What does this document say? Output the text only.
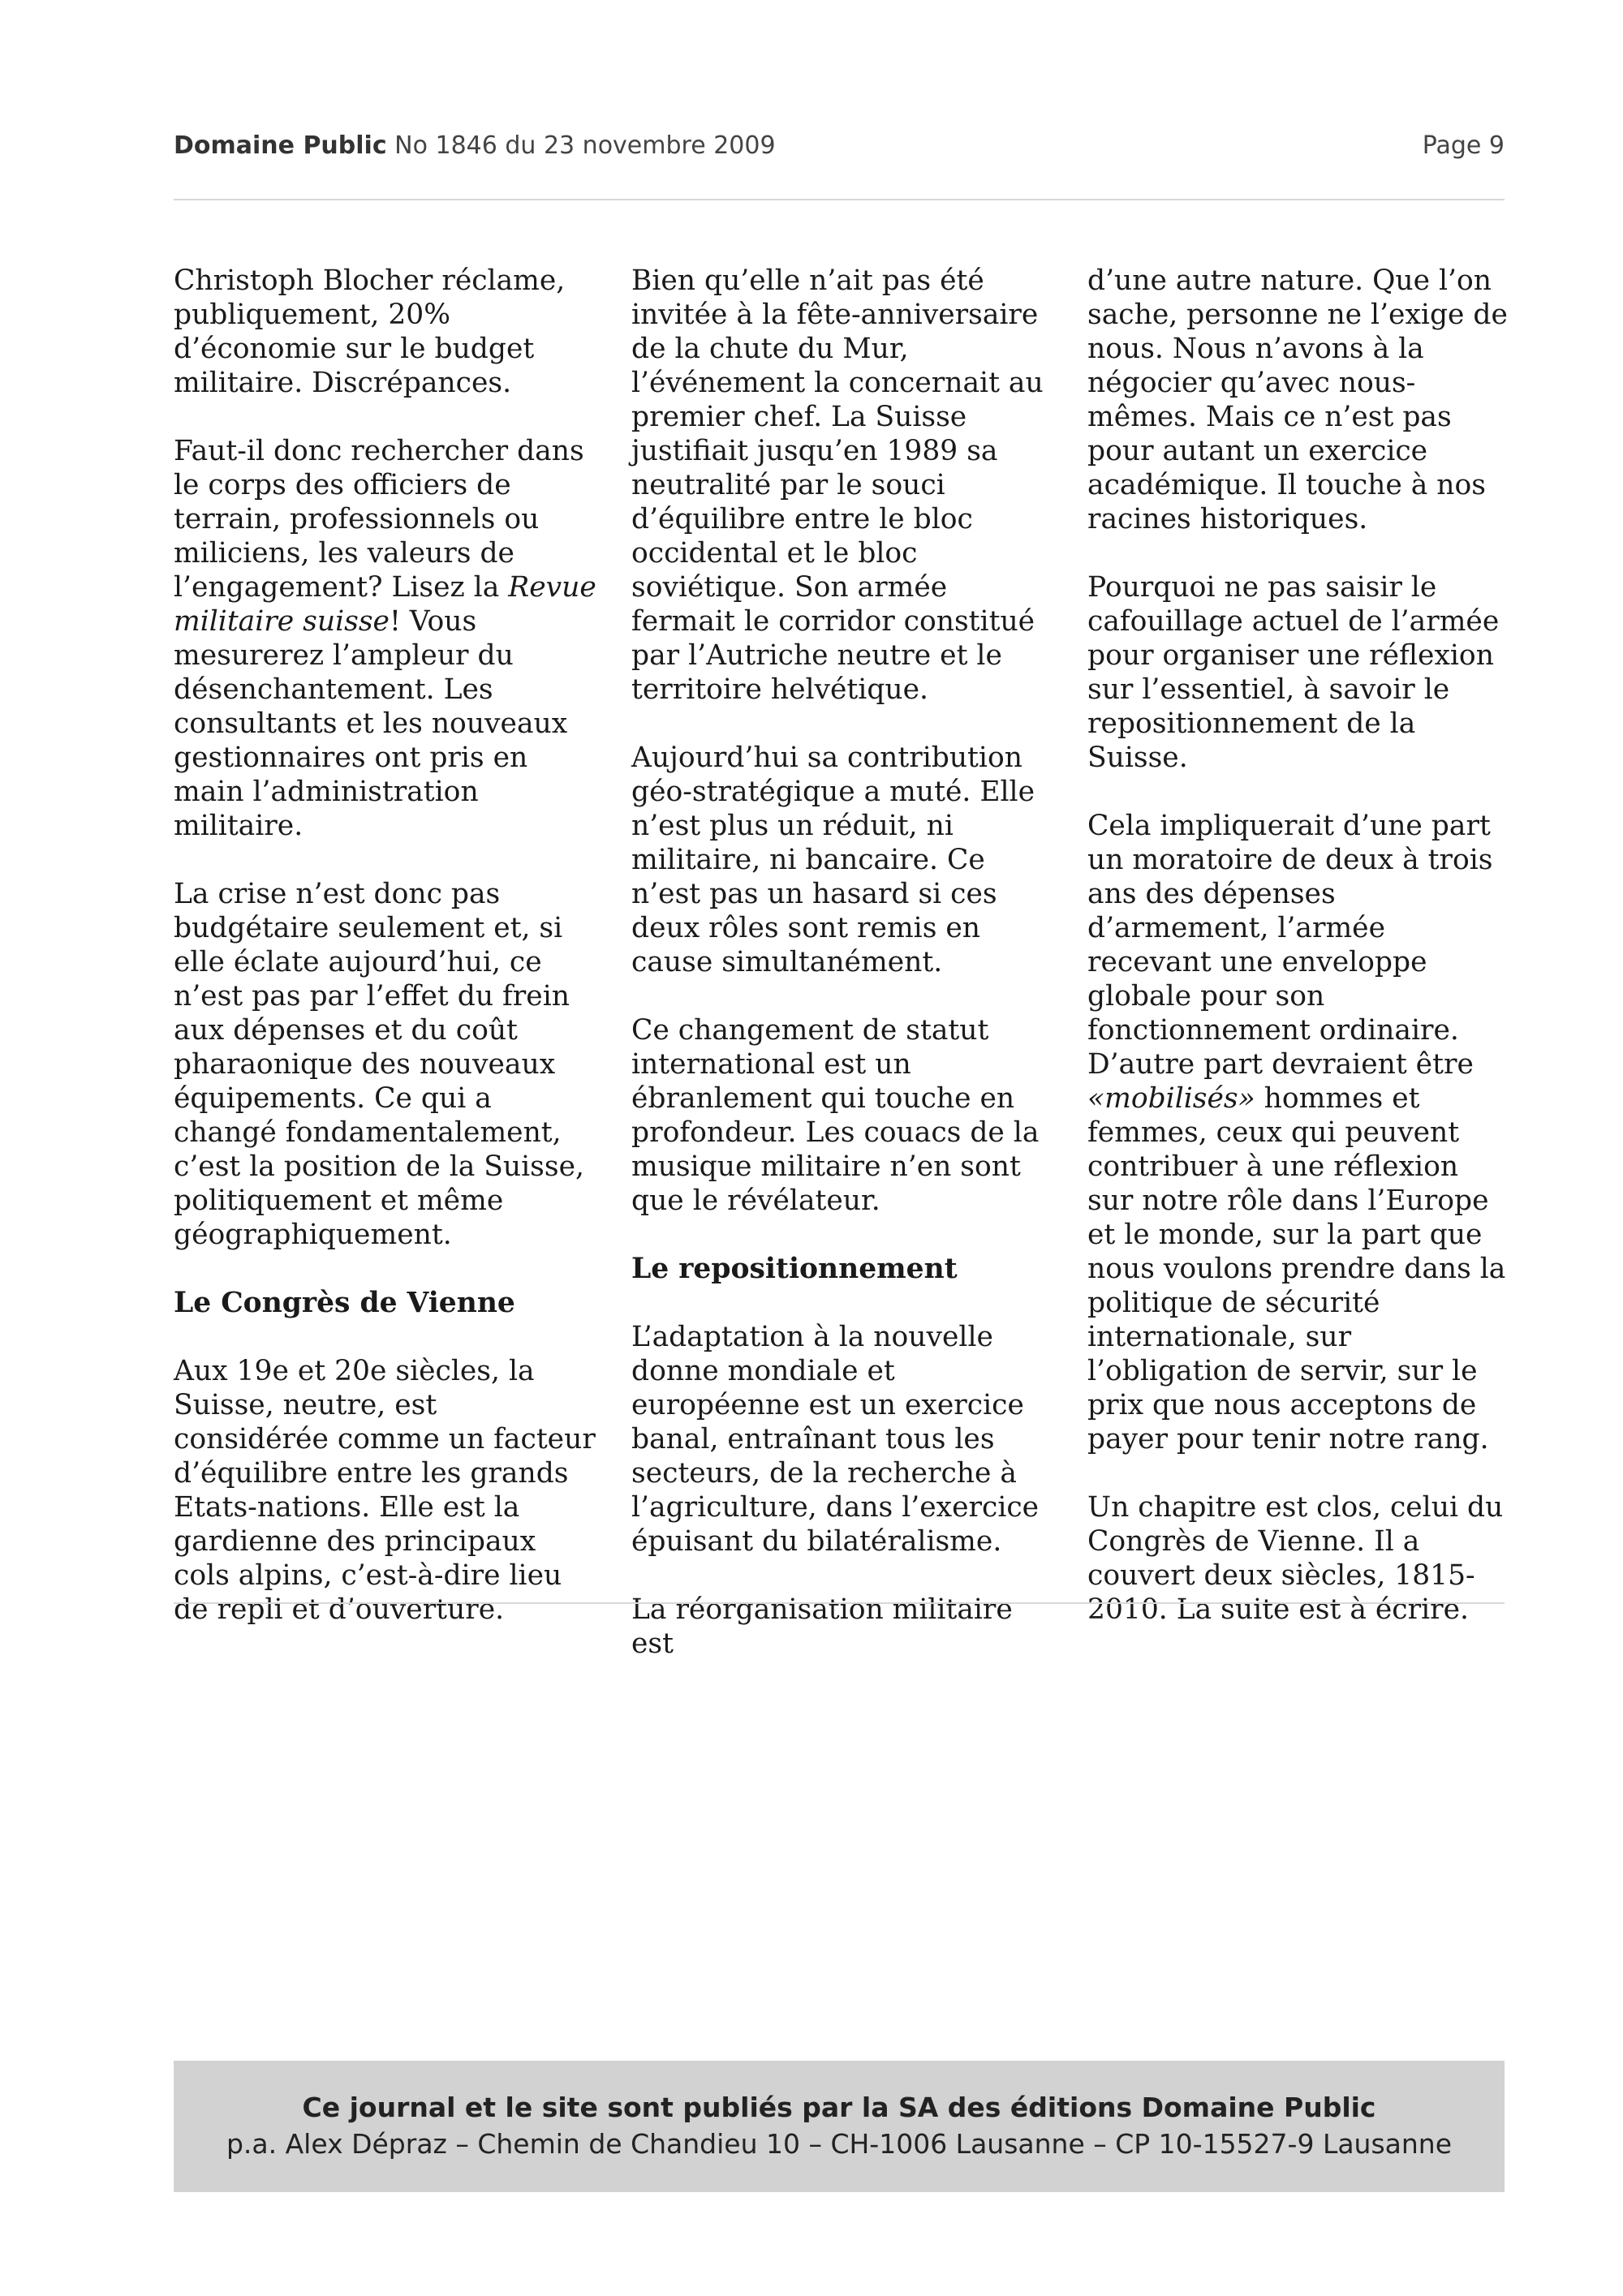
Domaine Public No 1846 du 23 novembre 2009	Page 9

Christoph Blocher réclame, publiquement, 20% d’économie sur le budget militaire. Discrépances.

Faut-il donc rechercher dans le corps des officiers de terrain, professionnels ou miliciens, les valeurs de l’engagement? Lisez la Revue militaire suisse! Vous mesurerez l’ampleur du désenchantement. Les consultants et les nouveaux gestionnaires ont pris en main l’administration militaire.

La crise n’est donc pas budgétaire seulement et, si elle éclate aujourd’hui, ce n’est pas par l’effet du frein aux dépenses et du coût pharaonique des nouveaux équipements. Ce qui a changé fondamentalement, c’est la position de la Suisse, politiquement et même géographiquement.

Le Congrès de Vienne

Aux 19e et 20e siècles, la Suisse, neutre, est considérée comme un facteur d’équilibre entre les grands Etats-nations. Elle est la gardienne des principaux cols alpins, c’est-à-dire lieu de repli et d’ouverture.

Bien qu’elle n’ait pas été invitée à la fête-anniversaire de la chute du Mur, l’événement la concernait au premier chef. La Suisse justifiait jusqu’en 1989 sa neutralité par le souci d’équilibre entre le bloc occidental et le bloc soviétique. Son armée fermait le corridor constitué par l’Autriche neutre et le territoire helvétique.

Aujourd’hui sa contribution géo-stratégique a muté. Elle n’est plus un réduit, ni militaire, ni bancaire. Ce n’est pas un hasard si ces deux rôles sont remis en cause simultanément.

Ce changement de statut international est un ébranlement qui touche en profondeur. Les couacs de la musique militaire n’en sont que le révélateur.

Le repositionnement

L’adaptation à la nouvelle donne mondiale et européenne est un exercice banal, entraînant tous les secteurs, de la recherche à l’agriculture, dans l’exercice épuisant du bilatéralisme.

La réorganisation militaire est

d’une autre nature. Que l’on sache, personne ne l’exige de nous. Nous n’avons à la négocier qu’avec nous-mêmes. Mais ce n’est pas pour autant un exercice académique. Il touche à nos racines historiques.

Pourquoi ne pas saisir le cafouillage actuel de l’armée pour organiser une réflexion sur l’essentiel, à savoir le repositionnement de la Suisse.

Cela impliquerait d’une part un moratoire de deux à trois ans des dépenses d’armement, l’armée recevant une enveloppe globale pour son fonctionnement ordinaire. D’autre part devraient être «mobilisés» hommes et femmes, ceux qui peuvent contribuer à une réflexion sur notre rôle dans l’Europe et le monde, sur la part que nous voulons prendre dans la politique de sécurité internationale, sur l’obligation de servir, sur le prix que nous acceptons de payer pour tenir notre rang.

Un chapitre est clos, celui du Congrès de Vienne. Il a couvert deux siècles, 1815-2010. La suite est à écrire.

Ce journal et le site sont publiés par la SA des éditions Domaine Public
p.a. Alex Dépraz – Chemin de Chandieu 10 – CH-1006 Lausanne – CP 10-15527-9 Lausanne
